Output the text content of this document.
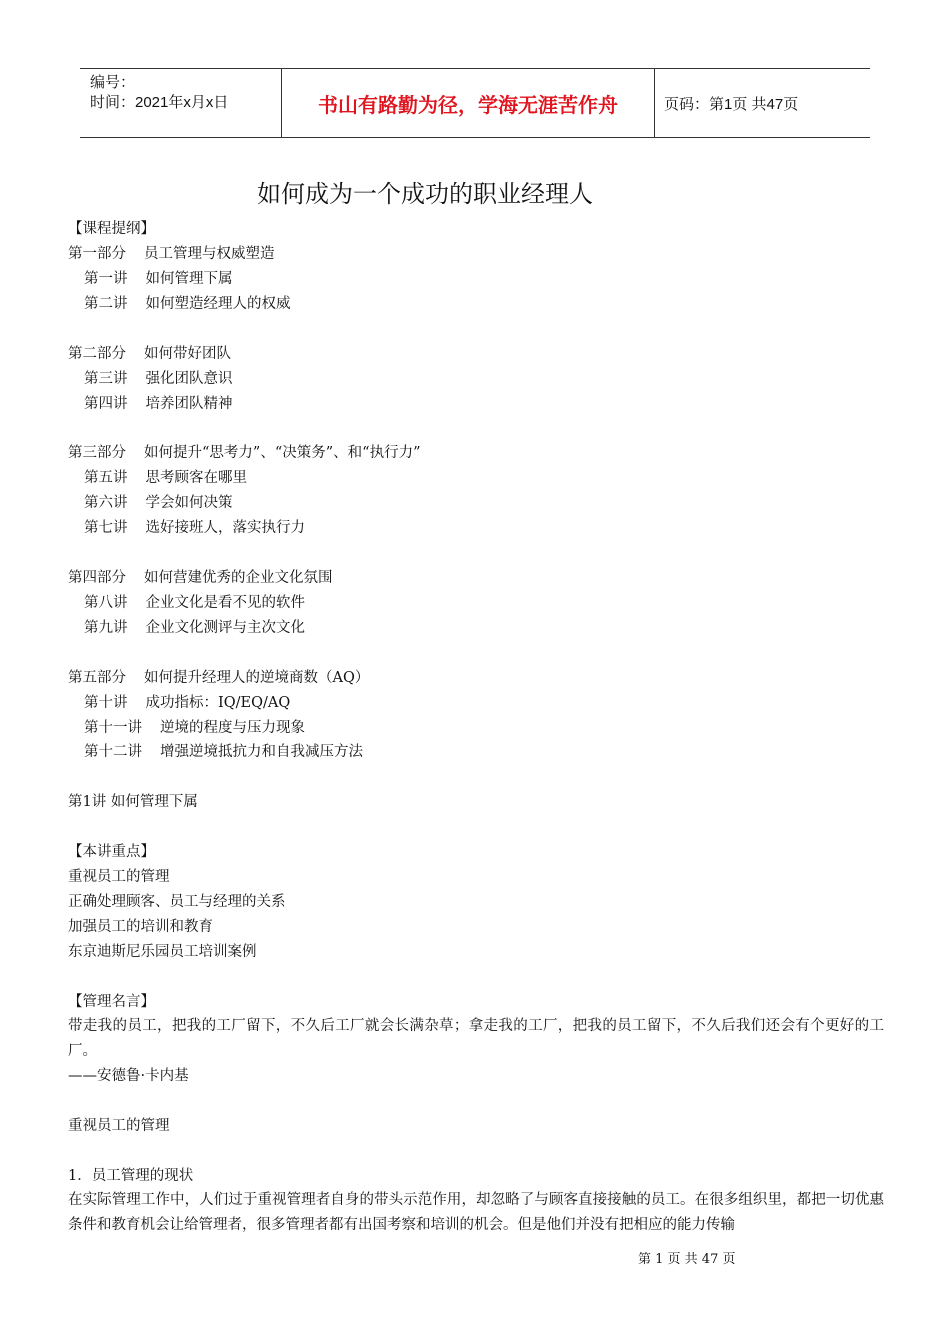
编号：
时间：2021年x月x日	书山有路勤为径，学海无涯苦作舟	页码：第1页 共47页
如何成为一个成功的职业经理人
【课程提纲】
第一部分 员工管理与权威塑造
第一讲 如何管理下属
第二讲 如何塑造经理人的权威
第二部分 如何带好团队
第三讲 强化团队意识
第四讲 培养团队精神
第三部分 如何提升“思考力”、“决策务”、和“执行力”
第五讲 思考顾客在哪里
第六讲 学会如何决策
第七讲 选好接班人，落实执行力
第四部分 如何营建优秀的企业文化氛围
第八讲 企业文化是看不见的软件
第九讲 企业文化测评与主次文化
第五部分 如何提升经理人的逆境商数（AQ）
第十讲 成功指标：IQ/EQ/AQ
第十一讲 逆境的程度与压力现象
第十二讲 增强逆境抵抗力和自我减压方法
第1讲 如何管理下属
【本讲重点】
重视员工的管理
正确处理顾客、员工与经理的关系
加强员工的培训和教育
东京迪斯尼乐园员工培训案例
【管理名言】
带走我的员工，把我的工厂留下，不久后工厂就会长满杂草；拿走我的工厂，把我的员工留下，不久后我们还会有个更好的工厂。
——安德鲁·卡内基
重视员工的管理
1．员工管理的现状
在实际管理工作中，人们过于重视管理者自身的带头示范作用，却忽略了与顾客直接接触的员工。在很多组织里，都把一切优惠条件和教育机会让给管理者，很多管理者都有出国考察和培训的机会。但是他们并没有把相应的能力传输
第 1 页 共 47 页
